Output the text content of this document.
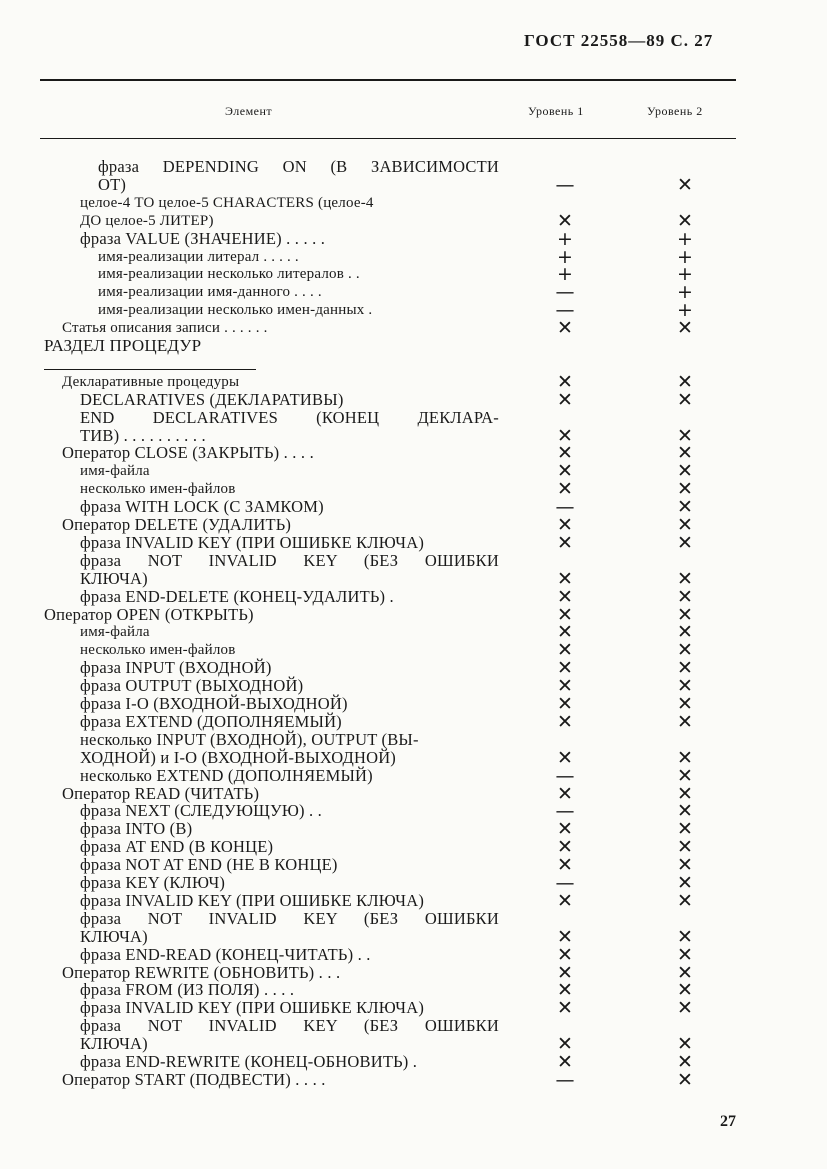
ГОСТ 22558—89 С. 27
Элемент	Уровень 1	Уровень 2
фраза DEPENDING ON (В ЗАВИСИМОСТИ
ОТ)	—	✕
целое-4 ТО целое-5 CHARACTERS (целое-4
ДО целое-5 ЛИТЕР)	✕	✕
фраза VALUE (ЗНАЧЕНИЕ) . . . . .	+	+
имя-реализации литерал . . . . .	+	+
имя-реализации несколько литералов . .	+	+
имя-реализации имя-данного . . . .	—	+
имя-реализации несколько имен-данных .	—	+
Статья описания записи . . . . . .	✕	✕
РАЗДЕЛ ПРОЦЕДУР
Декларативные процедуры	✕	✕
DECLARATIVES (ДЕКЛАРАТИВЫ)	✕	✕
END DECLARATIVES (КОНЕЦ ДЕКЛАРА-
ТИВ) . . . . . . . . . .	✕	✕
Оператор CLOSE (ЗАКРЫТЬ) . . . .	✕	✕
имя-файла	✕	✕
несколько имен-файлов	✕	✕
фраза WITH LOCK (С ЗАМКОМ)	—	✕
Оператор DELETE (УДАЛИТЬ)	✕	✕
фраза INVALID KEY (ПРИ ОШИБКЕ КЛЮЧА)	✕	✕
фраза NOT INVALID KEY (БЕЗ ОШИБКИ
КЛЮЧА)	✕	✕
фраза END-DELETE (КОНЕЦ-УДАЛИТЬ) .	✕	✕
Оператор OPEN (ОТКРЫТЬ)	✕	✕
имя-файла	✕	✕
несколько имен-файлов	✕	✕
фраза INPUT (ВХОДНОЙ)	✕	✕
фраза OUTPUT (ВЫХОДНОЙ)	✕	✕
фраза I-O (ВХОДНОЙ-ВЫХОДНОЙ)	✕	✕
фраза EXTEND (ДОПОЛНЯЕМЫЙ)	✕	✕
несколько INPUT (ВХОДНОЙ), OUTPUT (ВЫ-
ХОДНОЙ) и I-O (ВХОДНОЙ-ВЫХОДНОЙ)	✕	✕
несколько EXTEND (ДОПОЛНЯЕМЫЙ)	—	✕
Оператор READ (ЧИТАТЬ)	✕	✕
фраза NEXT (СЛЕДУЮЩУЮ) . .	—	✕
фраза INTO (В)	✕	✕
фраза AT END (В КОНЦЕ)	✕	✕
фраза NOT AT END (НЕ В КОНЦЕ)	✕	✕
фраза KEY (КЛЮЧ)	—	✕
фраза INVALID KEY (ПРИ ОШИБКЕ КЛЮЧА)	✕	✕
фраза NOT INVALID KEY (БЕЗ ОШИБКИ
КЛЮЧА)	✕	✕
фраза END-READ (КОНЕЦ-ЧИТАТЬ) . .	✕	✕
Оператор REWRITE (ОБНОВИТЬ) . . .	✕	✕
фраза FROM (ИЗ ПОЛЯ) . . . .	✕	✕
фраза INVALID KEY (ПРИ ОШИБКЕ КЛЮЧА)	✕	✕
фраза NOT INVALID KEY (БЕЗ ОШИБКИ
КЛЮЧА)	✕	✕
фраза END-REWRITE (КОНЕЦ-ОБНОВИТЬ) .	✕	✕
Оператор START (ПОДВЕСТИ) . . . .	—	✕
27
